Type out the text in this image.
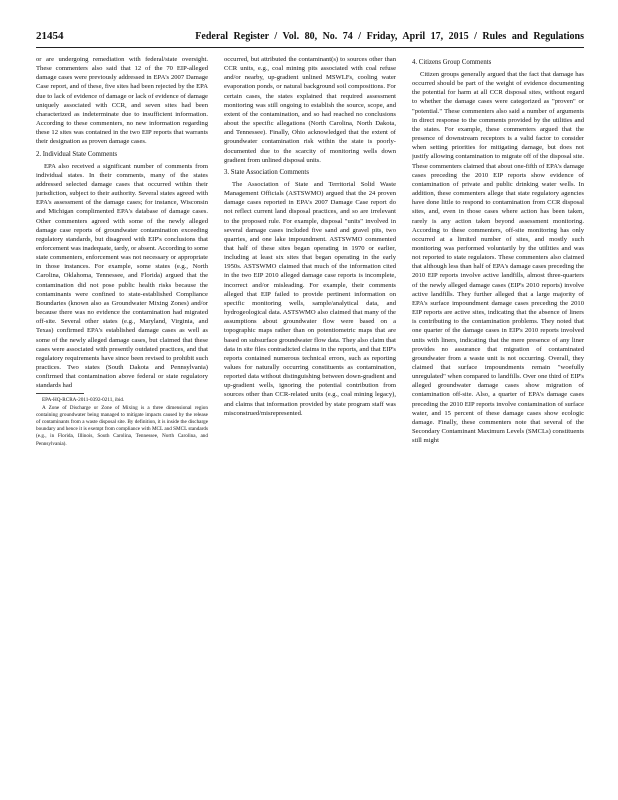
21454	Federal Register / Vol. 80, No. 74 / Friday, April 17, 2015 / Rules and Regulations

or are undergoing remediation with federal/state oversight. These commenters also said that 12 of the 70 EIP-alleged damage cases were previously addressed in EPA's 2007 Damage Case report, and of these, five sites had been rejected by the EPA due to lack of evidence of damage or lack of evidence of damage uniquely associated with CCR, and seven sites had been characterized as indeterminate due to insufficient information. According to these commenters, no new information regarding these 12 sites was contained in the two EIP reports that warrants their designation as proven damage cases.

2. Individual State Comments

EPA also received a significant number of comments from individual states. In their comments, many of the states addressed selected damage cases that occurred within their jurisdiction, subject to their authority. Several states agreed with EPA's assessment of the damage cases; for instance, Wisconsin and Michigan complimented EPA's database of damage cases. Other commenters agreed with some of the newly alleged damage case reports of groundwater contamination exceeding regulatory standards, but disagreed with EIP's conclusions that enforcement was inadequate, tardy, or absent. According to some state commenters, enforcement was not necessary or appropriate in those instances. For example, some states (e.g., North Carolina, Oklahoma, Tennessee, and Florida) argued that the contamination did not pose public health risks because the contaminants were confined to state-established Compliance Boundaries (known also as Groundwater Mixing Zones) and/or because there was no evidence the contamination had migrated off-site. Several other states (e.g., Maryland, Virginia, and Texas) confirmed EPA's established damage cases as well as some of the newly alleged damage cases, but claimed that these cases were associated with presently outdated practices, and that regulatory requirements have since been revised to prohibit such practices. Two states (South Dakota and Pennsylvania) confirmed that contamination above federal or state regulatory standards had

EPA-HQ-RCRA-2011-0392-0211, ibid.
A Zone of Discharge or Zone of Mixing is a three dimensional region containing groundwater being managed to mitigate impacts caused by the release of contaminants from a waste disposal site. By definition, it is inside the discharge boundary and hence it is exempt from compliance with MCL and SMCL standards (e.g., in Florida, Illinois, South Carolina, Tennessee, North Carolina, and Pennsylvania).

occurred, but attributed the contaminant(s) to sources other than CCR units, e.g., coal mining pits associated with coal refuse and/or nearby, up-gradient unlined MSWLFs, cooling water evaporation ponds, or natural background soil compositions. For certain cases, the states explained that required assessment monitoring was still ongoing to establish the source, scope, and extent of the contamination, and so had reached no conclusions about the specific allegations (North Carolina, North Dakota, and Tennessee). Finally, Ohio acknowledged that the extent of groundwater contamination risk within the state is poorly-documented due to the scarcity of monitoring wells down gradient from unlined disposal units.

3. State Association Comments

The Association of State and Territorial Solid Waste Management Officials (ASTSWMO) argued that the 24 proven damage cases reported in EPA's 2007 Damage Case report do not reflect current land disposal practices, and so are irrelevant to the proposed rule. For example, disposal "units" involved in several damage cases included five sand and gravel pits, two quarries, and one lake impoundment. ASTSWMO commented that half of these sites began operating in 1970 or earlier, including at least six sites that began operating in the early 1950s. ASTSWMO claimed that much of the information cited in the two EIP 2010 alleged damage case reports is incomplete, incorrect and/or misleading. For example, their comments alleged that EIP failed to provide pertinent information on specific monitoring wells, sample/analytical data, and hydrogeological data. ASTSWMO also claimed that many of the assumptions about groundwater flow were based on a topographic maps rather than on potentiometric maps that are based on subsurface groundwater flow data. They also claim that data in site files contradicted claims in the reports, and that EIP's reports contained numerous technical errors, such as reporting values for naturally occurring constituents as contamination, reported data without distinguishing between down-gradient and up-gradient wells, ignoring the potential contribution from sources other than CCR-related units (e.g., coal mining legacy), and claims that information provided by state program staff was misconstrued/misrepresented.

4. Citizens Group Comments

Citizen groups generally argued that the fact that damage has occurred should be part of the weight of evidence documenting the potential for harm at all CCR disposal sites, without regard to whether the damage cases were categorized as "proven" or "potential." These commenters also said a number of arguments in direct response to the comments provided by the utilities and the states. For example, these commenters argued that the presence of downstream receptors is a valid factor to consider when setting priorities for mitigating damage, but does not justify allowing contamination to migrate off of the disposal site. These commenters claimed that about one-fifth of EPA's damage cases preceding the 2010 EIP reports show evidence of contamination of private and public drinking water wells. In addition, these commenters allege that state regulatory agencies have done little to respond to contamination from CCR disposal sites, and, even in those cases where action has been taken, rarely is any action taken beyond assessment monitoring. According to these commenters, off-site monitoring has only occurred at a limited number of sites, and mostly such monitoring was performed voluntarily by the utilities and was not reported to state regulators. These commenters also claimed that although less than half of EPA's damage cases preceding the 2010 EIP reports involve active landfills, almost three-quarters of the newly alleged damage cases (EIP's 2010 reports) involve active landfills. They further alleged that a large majority of EPA's surface impoundment damage cases preceding the 2010 EIP reports are active sites, indicating that the absence of liners is contributing to the contamination problems. They noted that one quarter of the damage cases in EIP's 2010 reports involved units with liners, indicating that the mere presence of any liner provides no assurance that migration of contaminated groundwater from a waste unit is not occurring. Overall, they claimed that surface impoundments remain "woefully unregulated" when compared to landfills. Over one third of EIP's alleged groundwater damage cases show migration of contamination off-site. Also, a quarter of EPA's damage cases preceding the 2010 EIP reports involve contamination of surface water, and 15 percent of these damage cases show ecologic damage. Finally, these commenters note that several of the Secondary Contaminant Maximum Levels (SMCLs) constituents still might
